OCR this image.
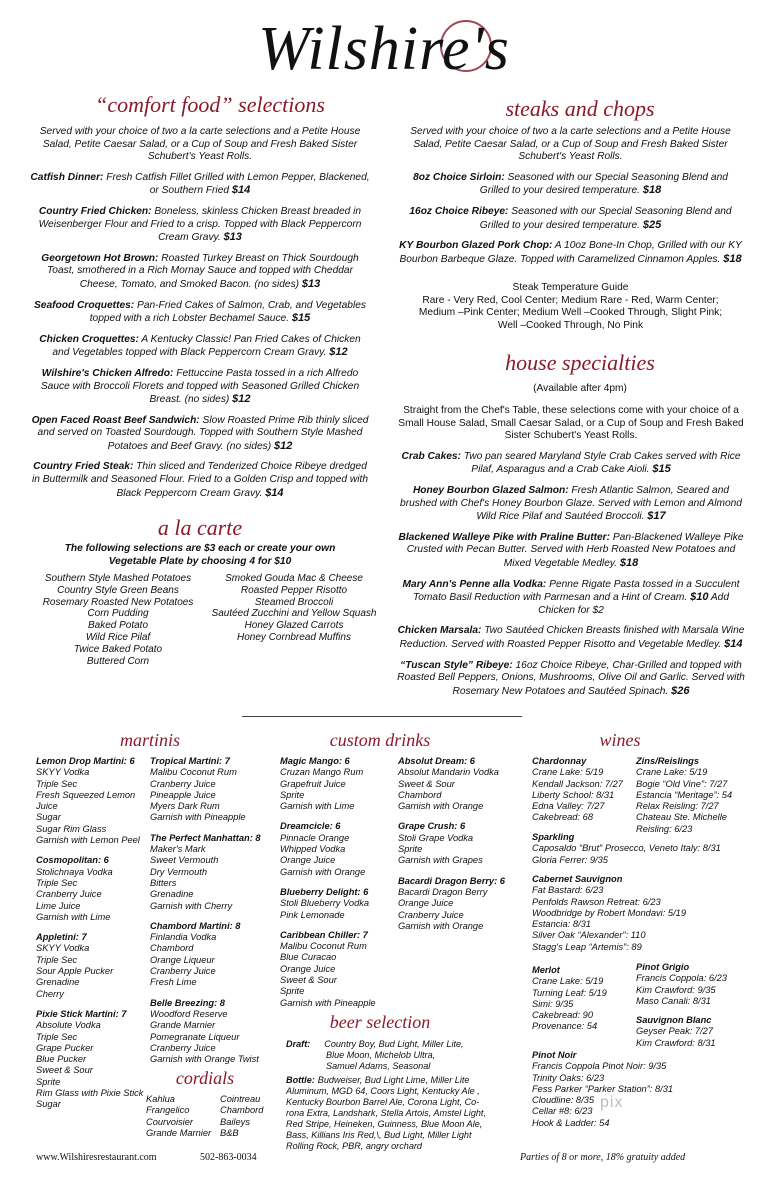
Wilshire's
“comfort food” selections

Served with your choice of two a la carte selections and a Petite House Salad, Petite Caesar Salad, or a Cup of Soup and Fresh Baked Sister Schubert's Yeast Rolls.

Catfish Dinner: Fresh Catfish Fillet Grilled with Lemon Pepper, Blackened, or Southern Fried $14

Country Fried Chicken: Boneless, skinless Chicken Breast breaded in Weisenberger Flour and Fried to a crisp. Topped with Black Peppercorn Cream Gravy. $13

Georgetown Hot Brown: Roasted Turkey Breast on Thick Sourdough Toast, smothered in a Rich Mornay Sauce and topped with Cheddar Cheese, Tomato, and Smoked Bacon. (no sides) $13

Seafood Croquettes: Pan-Fried Cakes of Salmon, Crab, and Vegetables topped with a rich Lobster Bechamel Sauce. $15

Chicken Croquettes: A Kentucky Classic! Pan Fried Cakes of Chicken and Vegetables topped with Black Peppercorn Cream Gravy. $12

Wilshire's Chicken Alfredo: Fettuccine Pasta tossed in a rich Alfredo Sauce with Broccoli Florets and topped with Seasoned Grilled Chicken Breast. (no sides) $12

Open Faced Roast Beef Sandwich: Slow Roasted Prime Rib thinly sliced and served on Toasted Sourdough. Topped with Southern Style Mashed Potatoes and Beef Gravy. (no sides) $12

Country Fried Steak: Thin sliced and Tenderized Choice Ribeye dredged in Buttermilk and Seasoned Flour. Fried to a Golden Crisp and topped with Black Peppercorn Cream Gravy. $14

a la carte
The following selections are $3 each or create your own Vegetable Plate by choosing 4 for $10
Southern Style Mashed Potatoes
Country Style Green Beans
Rosemary Roasted New Potatoes
Corn Pudding
Baked Potato
Wild Rice Pilaf
Twice Baked Potato
Buttered Corn
Smoked Gouda Mac & Cheese
Roasted Pepper Risotto
Steamed Broccoli
Sautéed Zucchini and Yellow Squash
Honey Glazed Carrots
Honey Cornbread Muffins
steaks and chops

Served with your choice of two a la carte selections and a Petite House Salad, Petite Caesar Salad, or a Cup of Soup and Fresh Baked Sister Schubert's Yeast Rolls.

8oz Choice Sirloin: Seasoned with our Special Seasoning Blend and Grilled to your desired temperature. $18

16oz Choice Ribeye: Seasoned with our Special Seasoning Blend and Grilled to your desired temperature. $25

KY Bourbon Glazed Pork Chop: A 10oz Bone-In Chop, Grilled with our KY Bourbon Barbeque Glaze. Topped with Caramelized Cinnamon Apples. $18

Steak Temperature Guide
Rare - Very Red, Cool Center; Medium Rare - Red, Warm Center;
Medium –Pink Center; Medium Well –Cooked Through, Slight Pink;
Well –Cooked Through, No Pink
house specialties
(Available after 4pm)

Straight from the Chef's Table, these selections come with your choice of a Small House Salad, Small Caesar Salad, or a Cup of Soup and Fresh Baked Sister Schubert's Yeast Rolls.

Crab Cakes: Two pan seared Maryland Style Crab Cakes served with Rice Pilaf, Asparagus and a Crab Cake Aioli. $15

Honey Bourbon Glazed Salmon: Fresh Atlantic Salmon, Seared and brushed with Chef's Honey Bourbon Glaze. Served with Lemon and Almond Wild Rice Pilaf and Sautéed Broccoli. $17

Blackened Walleye Pike with Praline Butter: Pan-Blackened Walleye Pike Crusted with Pecan Butter. Served with Herb Roasted New Potatoes and Mixed Vegetable Medley. $18

Mary Ann's Penne alla Vodka: Penne Rigate Pasta tossed in a Succulent Tomato Basil Reduction with Parmesan and a Hint of Cream. $10 Add Chicken for $2

Chicken Marsala: Two Sautéed Chicken Breasts finished with Marsala Wine Reduction. Served with Roasted Pepper Risotto and Vegetable Medley. $14

“Tuscan Style” Ribeye: 16oz Choice Ribeye, Char-Grilled and topped with Roasted Bell Peppers, Onions, Mushrooms, Olive Oil and Garlic. Served with Rosemary New Potatoes and Sautéed Spinach. $26

martinis
Lemon Drop Martini: 6
SKYY Vodka
Triple Sec
Fresh Squeezed Lemon Juice
Sugar
Sugar Rim Glass
Garnish with Lemon Peel
Cosmopolitan: 6
Stolichnaya Vodka
Triple Sec
Cranberry Juice
Lime Juice
Garnish with Lime
Appletini: 7
SKYY Vodka
Triple Sec
Sour Apple Pucker
Grenadine
Cherry
Pixie Stick Martini: 7
Absolute Vodka
Triple Sec
Grape Pucker
Blue Pucker
Sweet & Sour
Sprite
Rim Glass with Pixie Stick Sugar
Tropical Martini: 7
Malibu Coconut Rum
Cranberry Juice
Pineapple Juice
Myers Dark Rum
Garnish with Pineapple
The Perfect Manhattan: 8
Maker's Mark
Sweet Vermouth
Dry Vermouth
Bitters
Grenadine
Garnish with Cherry
Chambord Martini: 8
Finlandia Vodka
Chambord
Orange Liqueur
Cranberry Juice
Fresh Lime
Belle Breezing: 8
Woodford Reserve
Grande Marnier
Pomegranate Liqueur
Cranberry Juice
Garnish with Orange Twist
cordials
Kahlua
Frangelico
Courvoisier
Grande Marnier
Cointreau
Chambord
Baileys
B&B
custom drinks
Magic Mango: 6
Cruzan Mango Rum
Grapefruit Juice
Sprite
Garnish with Lime
Dreamcicle: 6
Pinnacle Orange
Whipped Vodka
Orange Juice
Garnish with Orange
Blueberry Delight: 6
Stoli Blueberry Vodka
Pink Lemonade
Caribbean Chiller: 7
Malibu Coconut Rum
Blue Curacao
Orange Juice
Sweet & Sour
Sprite
Garnish with Pineapple
Absolut Dream: 6
Absolut Mandarin Vodka
Sweet & Sour
Chambord
Garnish with Orange
Grape Crush: 6
Stoli Grape Vodka
Sprite
Garnish with Grapes
Bacardi Dragon Berry: 6
Bacardi Dragon Berry
Orange Juice
Cranberry Juice
Garnish with Orange
beer selection
Draft: Country Boy, Bud Light, Miller Lite,
Blue Moon, Michelob Ultra,
Samuel Adams, Seasonal
Bottle: Budweiser, Bud Light Lime, Miller Lite
Aluminum, MGD 64, Coors Light, Kentucky Ale ,
Kentucky Bourbon Barrel Ale, Corona Light, Co-
rona Extra, Landshark, Stella Artois, Amstel Light,
Red Stripe, Heineken, Guinness, Blue Moon Ale,
Bass, Killians Iris Red,\, Bud Light, Miller Light
Rolling Rock, PBR, angry orchard
wines
Chardonnay
Crane Lake: 5/19
Kendall Jackson: 7/27
Liberty School: 8/31
Edna Valley: 7/27
Cakebread: 68
Zins/Reislings
Crane Lake: 5/19
Bogie “Old Vine”: 7/27
Estancia “Meritage”: 54
Relax Reisling: 7/27
Chateau Ste. Michelle
Reisling: 6/23
Sparkling
Caposaldo “Brut” Prosecco, Veneto Italy: 8/31
Gloria Ferrer: 9/35
Cabernet Sauvignon
Fat Bastard: 6/23
Penfolds Rawson Retreat: 6/23
Woodbridge by Robert Mondavi: 5/19
Estancia: 8/31
Silver Oak “Alexander”: 110
Stagg's Leap “Artemis”: 89
Merlot
Crane Lake: 5/19
Turning Leaf: 5/19
Simi: 9/35
Cakebread: 90
Provenance: 54
Pinot Grigio
Francis Coppola: 6/23
Kim Crawford: 9/35
Maso Canali: 8/31
Sauvignon Blanc
Geyser Peak: 7/27
Kim Crawford: 8/31
Pinot Noir
Francis Coppola Pinot Noir: 9/35
Trinity Oaks: 6/23
Fess Parker “Parker Station”: 8/31
Cloudline: 8/35
Cellar #8: 6/23
Hook & Ladder: 54
pix
www.Wilshiresrestaurant.com	502-863-0034	Parties of 8 or more, 18% gratuity added
